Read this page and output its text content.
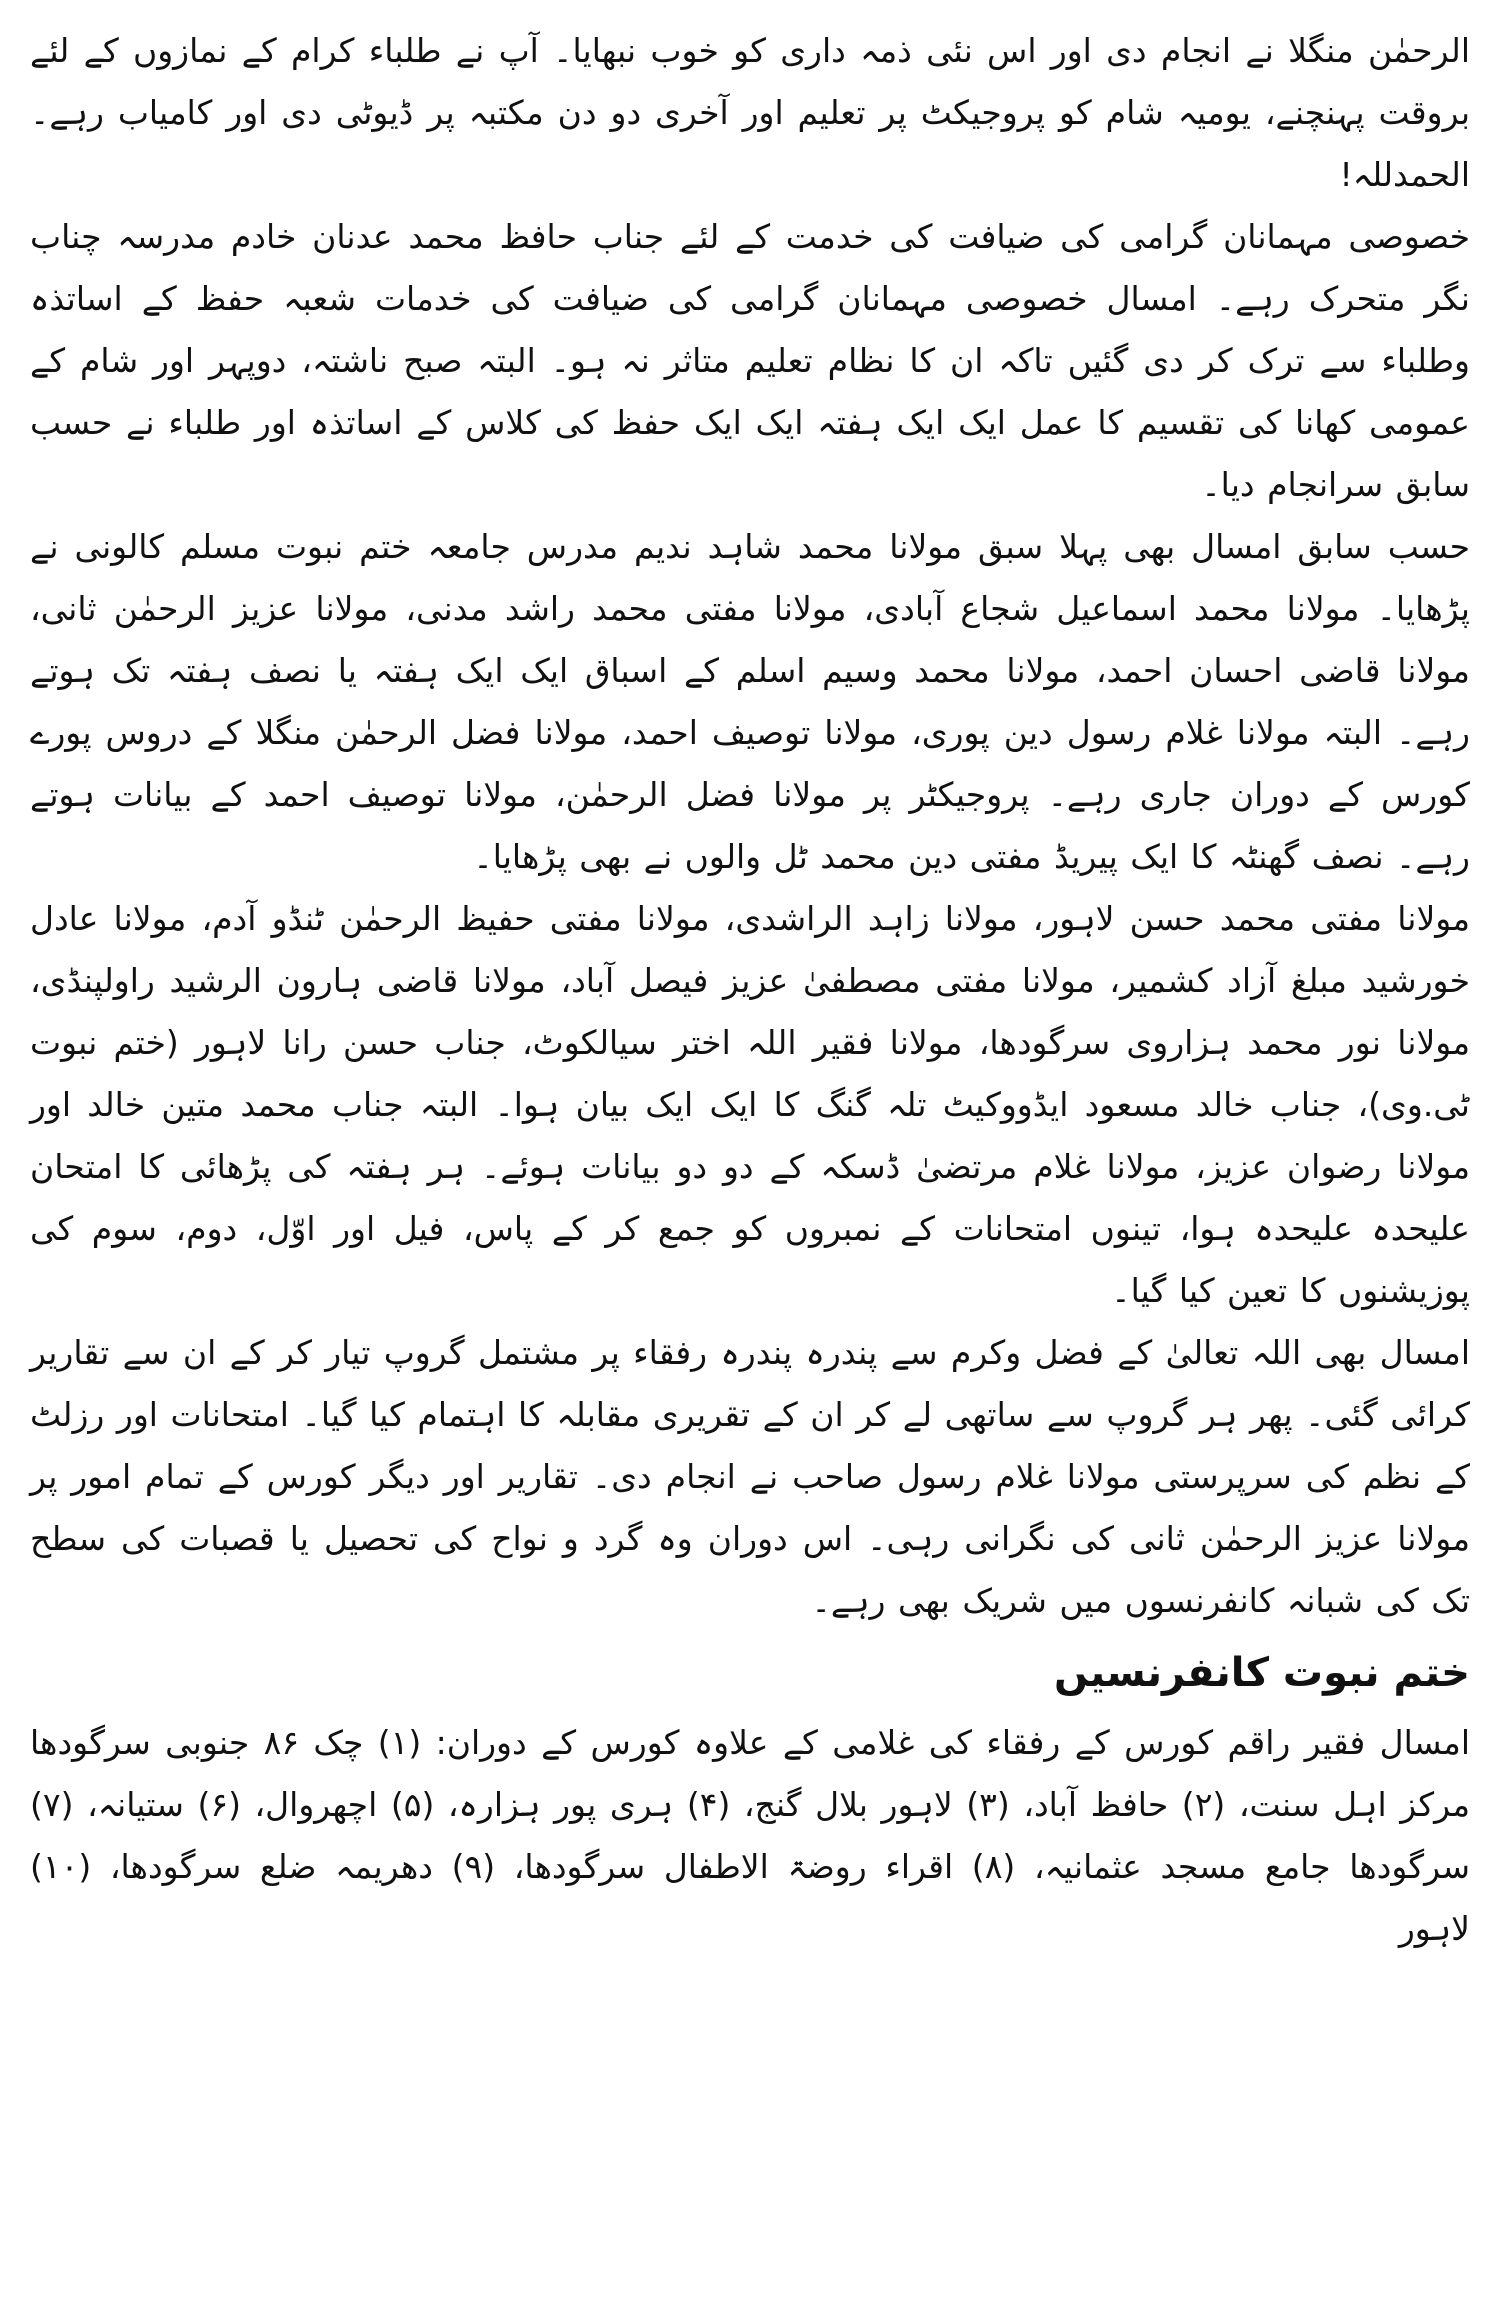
الرحمٰن منگلا نے انجام دی اور اس نئی ذمہ داری کو خوب نبھایا۔ آپ نے طلباء کرام کے نمازوں کے لئے بروقت پہنچنے، یومیہ شام کو پروجیکٹ پر تعلیم اور آخری دو دن مکتبہ پر ڈیوٹی دی اور کامیاب رہے۔ الحمدللہ!

خصوصی مہمانان گرامی کی ضیافت کی خدمت کے لئے جناب حافظ محمد عدنان خادم مدرسہ چناب نگر متحرک رہے۔ امسال خصوصی مہمانان گرامی کی ضیافت کی خدمات شعبہ حفظ کے اساتذہ وطلباء سے ترک کر دی گئیں تاکہ ان کا نظام تعلیم متاثر نہ ہو۔ البتہ صبح ناشتہ، دوپہر اور شام کے عمومی کھانا کی تقسیم کا عمل ایک ایک ہفتہ ایک ایک حفظ کی کلاس کے اساتذہ اور طلباء نے حسب سابق سرانجام دیا۔

حسب سابق امسال بھی پہلا سبق مولانا محمد شاہد ندیم مدرس جامعہ ختم نبوت مسلم کالونی نے پڑھایا۔ مولانا محمد اسماعیل شجاع آبادی، مولانا مفتی محمد راشد مدنی، مولانا عزیز الرحمٰن ثانی، مولانا قاضی احسان احمد، مولانا محمد وسیم اسلم کے اسباق ایک ایک ہفتہ یا نصف ہفتہ تک ہوتے رہے۔ البتہ مولانا غلام رسول دین پوری، مولانا توصیف احمد، مولانا فضل الرحمٰن منگلا کے دروس پورے کورس کے دوران جاری رہے۔ پروجیکٹر پر مولانا فضل الرحمٰن، مولانا توصیف احمد کے بیانات ہوتے رہے۔ نصف گھنٹہ کا ایک پیریڈ مفتی دین محمد ٹل والوں نے بھی پڑھایا۔

مولانا مفتی محمد حسن لاہور، مولانا زاہد الراشدی، مولانا مفتی حفیظ الرحمٰن ٹنڈو آدم، مولانا عادل خورشید مبلغ آزاد کشمیر، مولانا مفتی مصطفیٰ عزیز فیصل آباد، مولانا قاضی ہارون الرشید راولپنڈی، مولانا نور محمد ہزاروی سرگودھا، مولانا فقیر اللہ اختر سیالکوٹ، جناب حسن رانا لاہور (ختم نبوت ٹی.وی)، جناب خالد مسعود ایڈووکیٹ تلہ گنگ کا ایک ایک بیان ہوا۔ البتہ جناب محمد متین خالد اور مولانا رضوان عزیز، مولانا غلام مرتضیٰ ڈسکہ کے دو دو بیانات ہوئے۔ ہر ہفتہ کی پڑھائی کا امتحان علیحدہ علیحدہ ہوا، تینوں امتحانات کے نمبروں کو جمع کر کے پاس، فیل اور اوّل، دوم، سوم کی پوزیشنوں کا تعین کیا گیا۔

امسال بھی اللہ تعالیٰ کے فضل وکرم سے پندرہ پندرہ رفقاء پر مشتمل گروپ تیار کر کے ان سے تقاریر کرائی گئی۔ پھر ہر گروپ سے ساتھی لے کر ان کے تقریری مقابلہ کا اہتمام کیا گیا۔ امتحانات اور رزلٹ کے نظم کی سرپرستی مولانا غلام رسول صاحب نے انجام دی۔ تقاریر اور دیگر کورس کے تمام امور پر مولانا عزیز الرحمٰن ثانی کی نگرانی رہی۔ اس دوران وہ گرد و نواح کی تحصیل یا قصبات کی سطح تک کی شبانہ کانفرنسوں میں شریک بھی رہے۔

ختم نبوت کانفرنسیں

امسال فقیر راقم کورس کے رفقاء کی غلامی کے علاوہ کورس کے دوران: (۱) چک ۸۶ جنوبی سرگودھا مرکز اہل سنت، (۲) حافظ آباد، (۳) لاہور بلال گنج، (۴) ہری پور ہزارہ، (۵) اچھروال، (۶) ستیانہ، (۷) سرگودھا جامع مسجد عثمانیہ، (۸) اقراء روضۃ الاطفال سرگودھا، (۹) دھریمہ ضلع سرگودھا، (۱۰) لاہور
